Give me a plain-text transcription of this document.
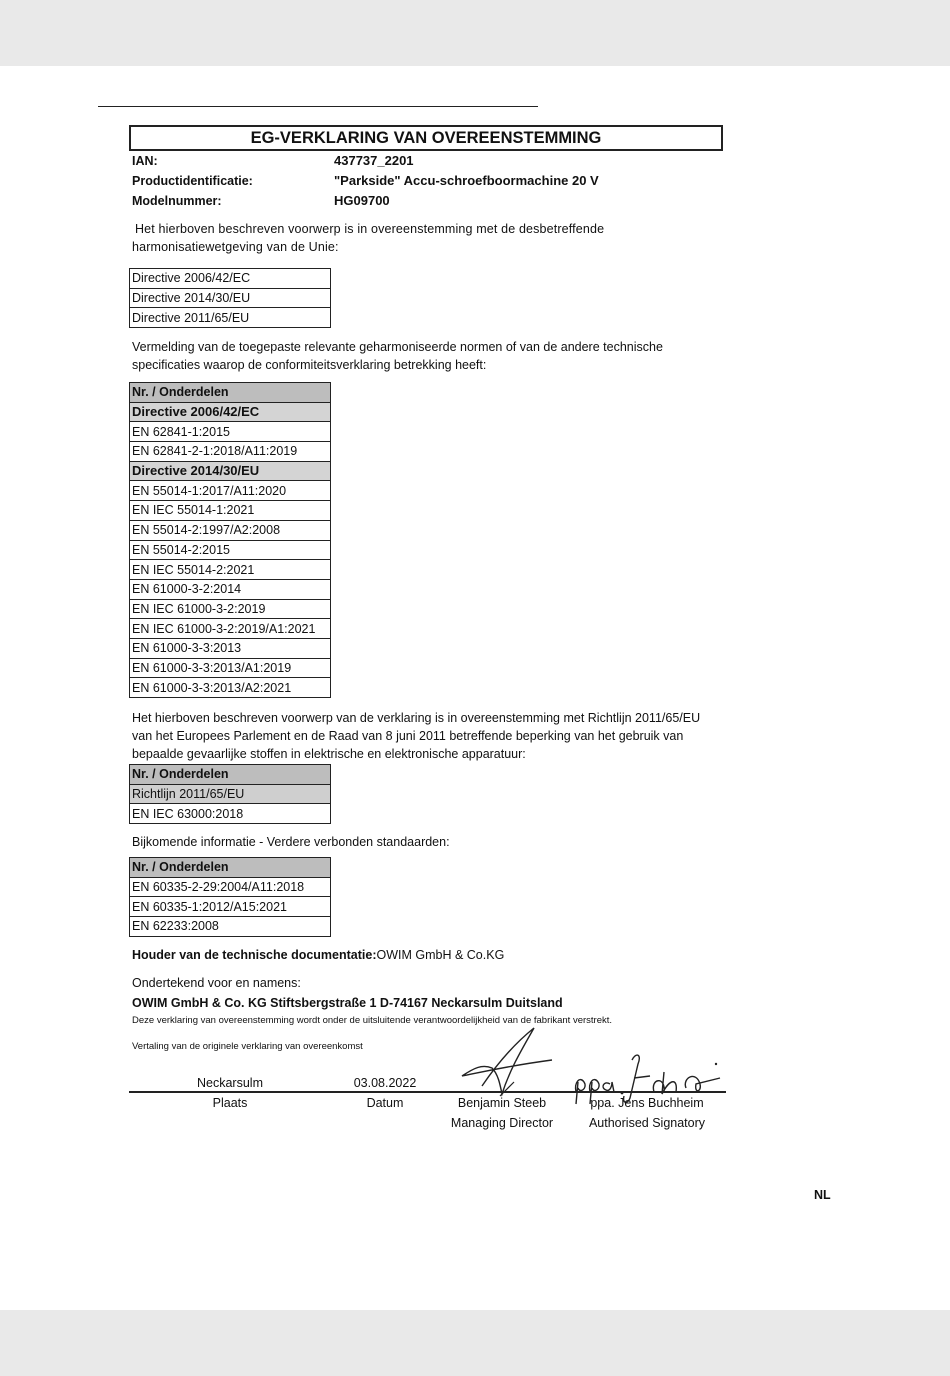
EG-VERKLARING VAN OVEREENSTEMMING
IAN:	437737_2201
Productidentificatie:	"Parkside" Accu-schroefboormachine 20 V
Modelnummer:	HG09700
Het hierboven beschreven voorwerp is in overeenstemming met de desbetreffende
harmonisatiewetgeving van de Unie:
Directive 2006/42/EC
Directive 2014/30/EU
Directive 2011/65/EU
Vermelding van de toegepaste relevante geharmoniseerde normen of van de andere technische
specificaties waarop de conformiteitsverklaring betrekking heeft:
Nr. / Onderdelen
Directive 2006/42/EC
EN 62841-1:2015
EN 62841-2-1:2018/A11:2019
Directive 2014/30/EU
EN 55014-1:2017/A11:2020
EN IEC 55014-1:2021
EN 55014-2:1997/A2:2008
EN 55014-2:2015
EN IEC 55014-2:2021
EN 61000-3-2:2014
EN IEC 61000-3-2:2019
EN IEC 61000-3-2:2019/A1:2021
EN 61000-3-3:2013
EN 61000-3-3:2013/A1:2019
EN 61000-3-3:2013/A2:2021
Het hierboven beschreven voorwerp van de verklaring is in overeenstemming met Richtlijn 2011/65/EU
van het Europees Parlement en de Raad van 8 juni 2011 betreffende beperking van het gebruik van
bepaalde gevaarlijke stoffen in elektrische en elektronische apparatuur:
Nr. / Onderdelen
Richtlijn 2011/65/EU
EN IEC 63000:2018
Bijkomende informatie - Verdere verbonden standaarden:
Nr. / Onderdelen
EN 60335-2-29:2004/A11:2018
EN 60335-1:2012/A15:2021
EN 62233:2008
Houder van de technische documentatie:OWIM GmbH & Co.KG
Ondertekend voor en namens:
OWIM GmbH & Co. KG Stiftsbergstraße 1 D-74167 Neckarsulm Duitsland
Deze verklaring van overeenstemming wordt onder de uitsluitende verantwoordelijkheid van de fabrikant verstrekt.
Vertaling van de originele verklaring van overeenkomst
Neckarsulm	03.08.2022
Plaats	Datum	Benjamin Steeb	ppa. Jens Buchheim
Managing Director	Authorised Signatory
NL
